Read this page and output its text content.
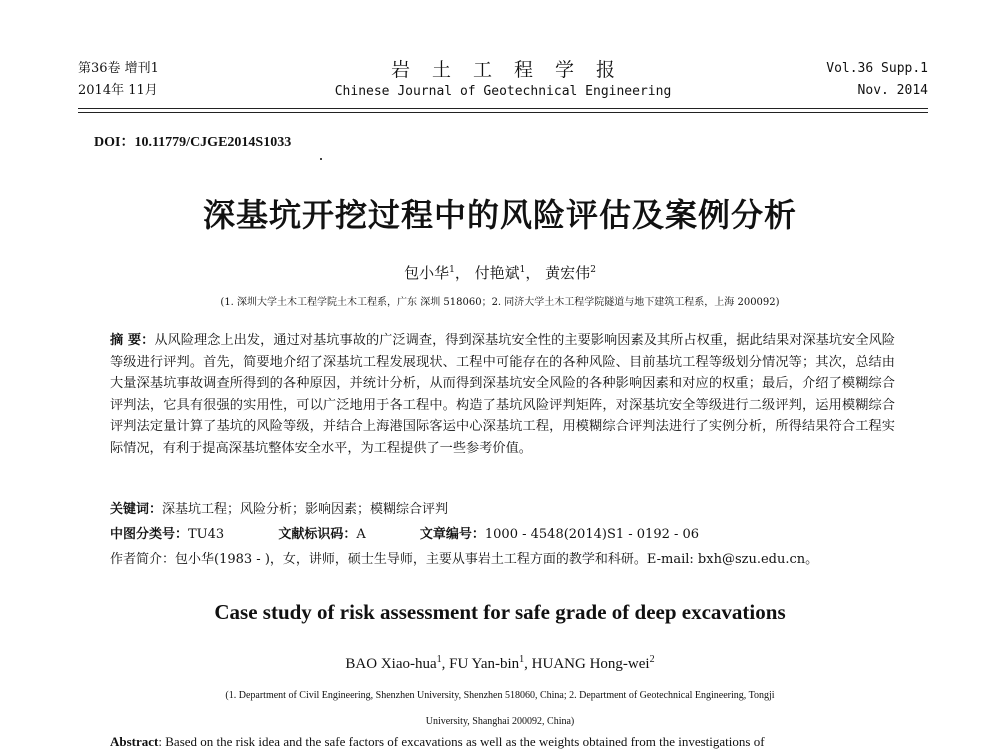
第36卷 增刊1
2014年 11月
岩土工程学报
Chinese Journal of Geotechnical Engineering
Vol.36 Supp.1
Nov. 2014
DOI：10.11779/CJGE2014S1033
深基坑开挖过程中的风险评估及案例分析
包小华$^1$， 付艳斌$^1$， 黄宏伟$^2$
(1. 深圳大学土木工程学院土木工程系，广东 深圳 518060；2. 同济大学土木工程学院隧道与地下建筑工程系，上海 200092)
摘 要：从风险理念上出发，通过对基坑事故的广泛调查，得到深基坑安全性的主要影响因素及其所占权重，据此结果对深基坑安全风险等级进行评判。首先，简要地介绍了深基坑工程发展现状、工程中可能存在的各种风险、目前基坑工程等级划分情况等；其次，总结由大量深基坑事故调查所得到的各种原因，并统计分析，从而得到深基坑安全风险的各种影响因素和对应的权重；最后，介绍了模糊综合评判法，它具有很强的实用性，可以广泛地用于各工程中。构造了基坑风险评判矩阵，对深基坑安全等级进行二级评判，运用模糊综合评判法定量计算了基坑的风险等级，并结合上海港国际客运中心深基坑工程，用模糊综合评判法进行了实例分析，所得结果符合工程实际情况，有利于提高深基坑整体安全水平，为工程提供了一些参考价值。
关键词：深基坑工程；风险分析；影响因素；模糊综合评判
中图分类号：TU43	文献标识码：A	文章编号：1000 - 4548(2014)S1 - 0192 - 06
作者简介：包小华(1983 - )，女，讲师，硕士生导师，主要从事岩土工程方面的教学和科研。E-mail: bxh@szu.edu.cn。
Case study of risk assessment for safe grade of deep excavations
BAO Xiao-hua$^1$, FU Yan-bin$^1$, HUANG Hong-wei$^2$
(1. Department of Civil Engineering, Shenzhen University, Shenzhen 518060, China; 2. Department of Geotechnical Engineering, Tongji
University, Shanghai 200092, China)
Abstract: Based on the risk idea and the safe factors of excavations as well as the weights obtained from the investigations of
